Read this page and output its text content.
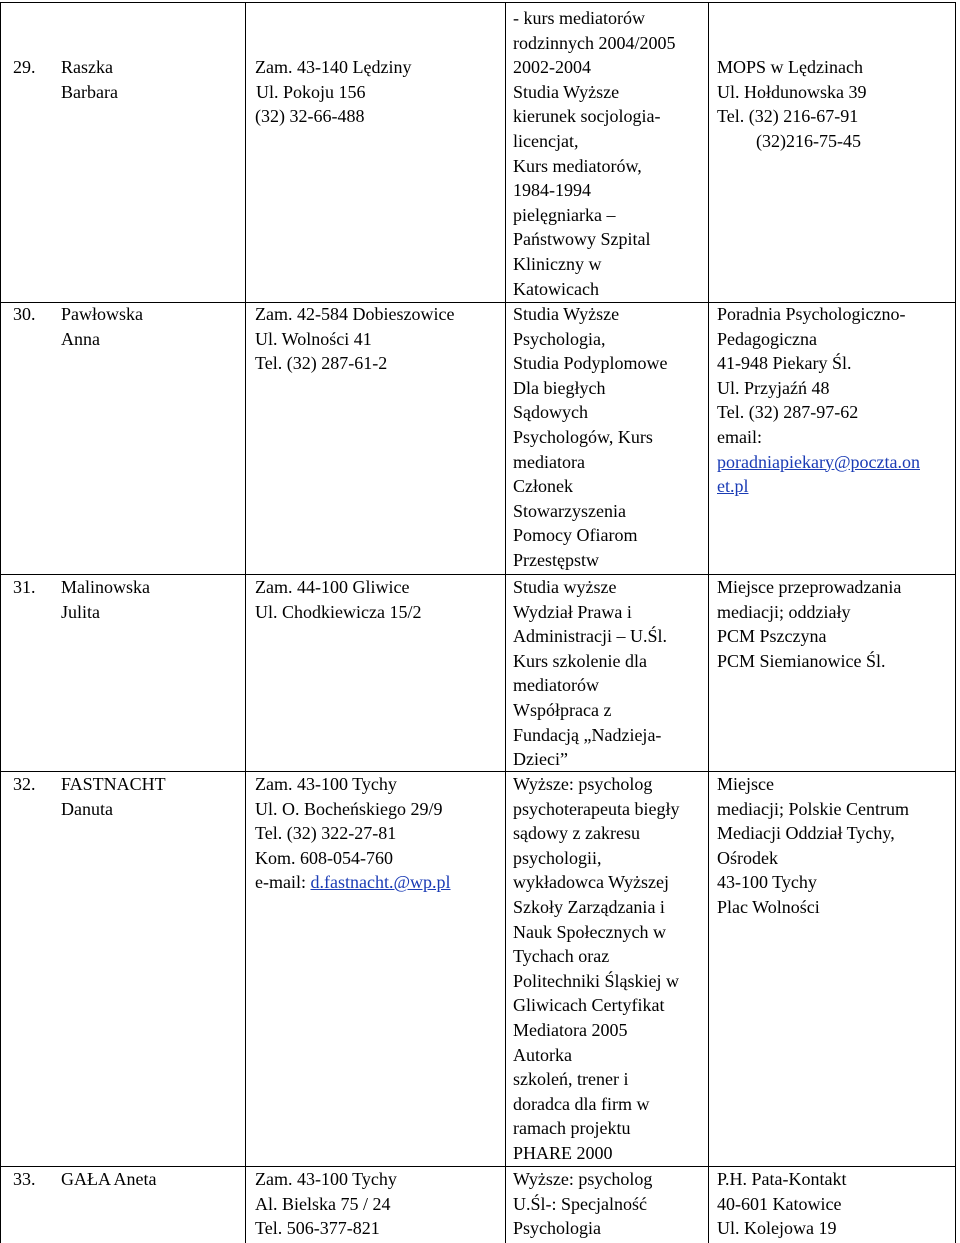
29. Raszka
Barbara
Zam. 43-140 Lędziny
Ul. Pokoju 156
(32) 32-66-488
- kurs mediatorów
rodzinnych 2004/2005
2002-2004
Studia Wyższe
kierunek socjologia-
licencjat,
Kurs mediatorów,
1984-1994
pielęgniarka –
Państwowy Szpital
Kliniczny w
Katowicach
MOPS w Lędzinach
Ul. Hołdunowska 39
Tel. (32) 216-67-91
(32)216-75-45
30. Pawłowska
Anna
Zam. 42-584 Dobieszowice
Ul. Wolności 41
Tel. (32) 287-61-2
Studia Wyższe
Psychologia,
Studia Podyplomowe
Dla biegłych
Sądowych
Psychologów, Kurs
mediatora
Członek
Stowarzyszenia
Pomocy Ofiarom
Przestępstw
Poradnia Psychologiczno-
Pedagogiczna
41-948 Piekary Śl.
Ul. Przyjaźń 48
Tel. (32) 287-97-62
email:
poradniapiekary@poczta.on
et.pl
31. Malinowska
Julita
Zam. 44-100 Gliwice
Ul. Chodkiewicza 15/2
Studia wyższe
Wydział Prawa i
Administracji – U.Śl.
Kurs szkolenie dla
mediatorów
Współpraca z
Fundacją „Nadzieja-
Dzieci”
Miejsce przeprowadzania
mediacji; oddziały
PCM Pszczyna
PCM Siemianowice Śl.
32. FASTNACHT
Danuta
Zam. 43-100 Tychy
Ul. O. Bocheńskiego 29/9
Tel. (32) 322-27-81
Kom. 608-054-760
e-mail: d.fastnacht.@wp.pl
Wyższe: psycholog
psychoterapeuta biegły
sądowy z zakresu
psychologii,
wykładowca Wyższej
Szkoły Zarządzania i
Nauk Społecznych w
Tychach oraz
Politechniki Śląskiej w
Gliwicach Certyfikat
Mediatora 2005
Autorka
szkoleń, trener i
doradca dla firm w
ramach projektu
PHARE 2000
Miejsce
mediacji; Polskie Centrum
Mediacji Oddział Tychy,
Ośrodek
43-100 Tychy
Plac Wolności
33. GAŁA Aneta	Zam. 43-100 Tychy
Al. Bielska 75 / 24
Tel. 506-377-821
Wyższe: psycholog
U.Śl-: Specjalność
Psychologia
P.H. Pata-Kontakt
40-601 Katowice
Ul. Kolejowa 19
